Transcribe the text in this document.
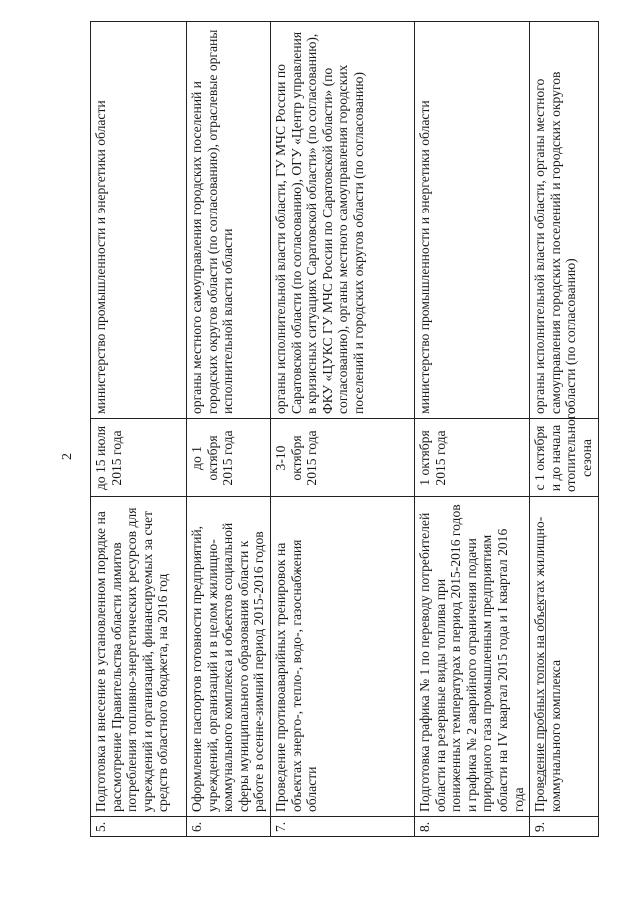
2
5.	Подготовка и внесение в установленном порядке на рассмотрение Правительства области лимитов потребления топливно-энергетических ресурсов для учреждений и организаций, финансируемых за счет средств областного бюджета, на 2016 год	до 15 июля 2015 года	министерство промышленности и энергетики области
6.	Оформление паспортов готовности предприятий, учреждений, организаций и в целом жилищно-коммунального комплекса и объектов социальной сферы муниципального образования области к работе в осенне-зимний период 2015-2016 годов	до 1 октября 2015 года	органы местного самоуправления городских поселений и городских округов области (по согласованию), отраслевые органы исполнительной власти области
7.	Проведение противоаварийных тренировок на объектах энерго-, тепло-, водо-, газоснабжения области	3-10 октября 2015 года	органы исполнительной власти области, ГУ МЧС России по Саратовской области (по согласованию), ОГУ «Центр управления в кризисных ситуациях Саратовской области» (по согласованию), ФКУ «ЦУКС ГУ МЧС России по Саратовской области» (по согласованию), органы местного самоуправления городских поселений и городских округов области (по согласованию)
8.	Подготовка графика № 1 по переводу потребителей области на резервные виды топлива при пониженных температурах в период 2015-2016 годов и графика № 2 аварийного ограничения подачи природного газа промышленным предприятиям области на IV квартал 2015 года и I квартал 2016 года	1 октября 2015 года	министерство промышленности и энергетики области
9.	Проведение пробных топок на объектах жилищно-коммунального комплекса	с 1 октября и до начала отопительного сезона	органы исполнительной власти области, органы местного самоуправления городских поселений и городских округов области (по согласованию)
